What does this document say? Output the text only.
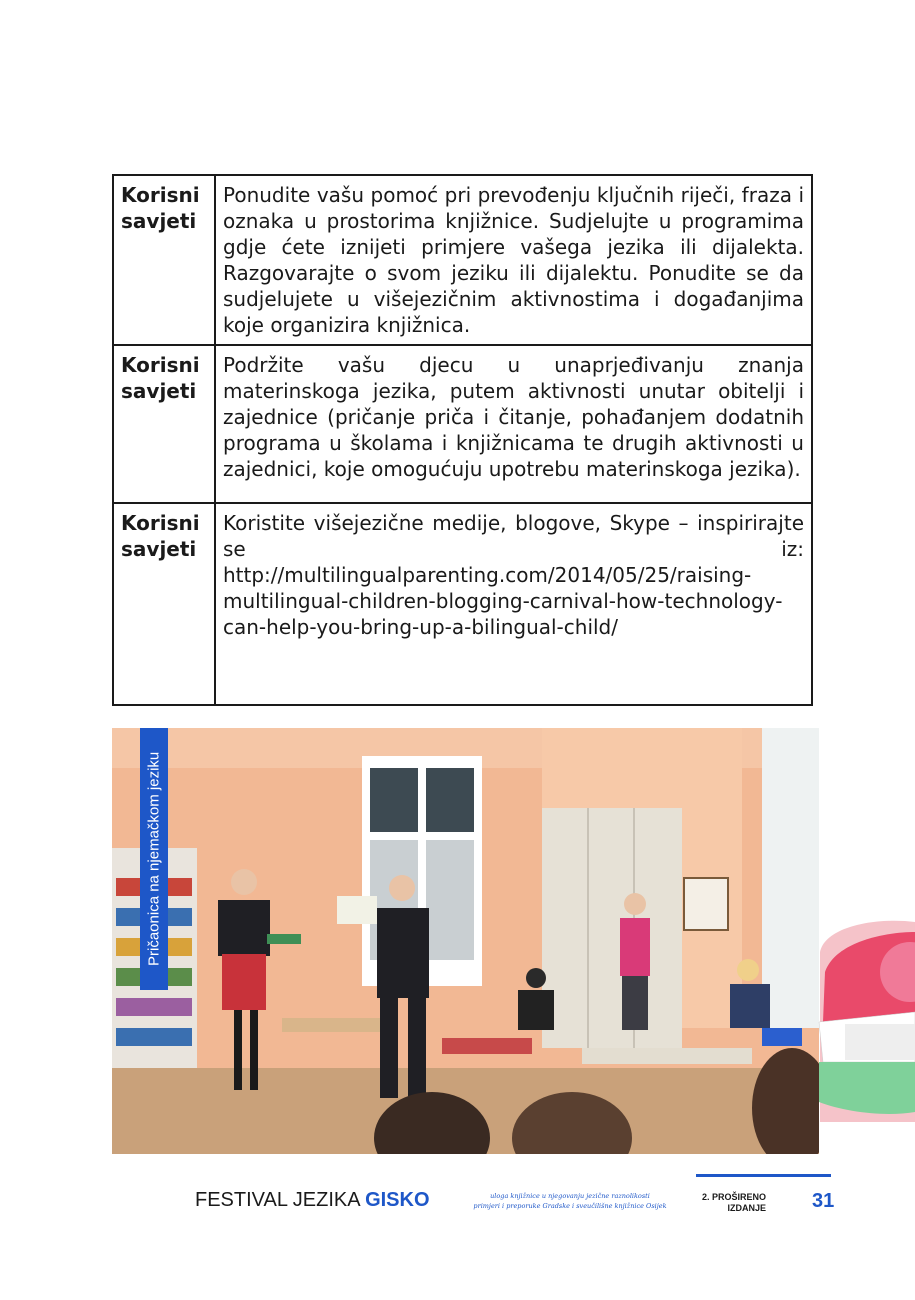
Korisni savjeti	Ponudite vašu pomoć pri prevođenju ključnih riječi, fraza i oznaka u prostorima knjižnice. Sudjelujte u programima gdje ćete iznijeti primjere vašega jezika ili dijalekta. Razgovarajte o svom jeziku ili dijalektu. Ponudite se da sudjelujete u višejezičnim aktivnostima i događanjima koje organizira knjižnica.

Korisni savjeti	Podržite vašu djecu u unaprjeđivanju znanja materinskoga jezika, putem aktivnosti unutar obitelji i zajednice (pričanje priča i čitanje, pohađanjem dodatnih programa u školama i knjižnicama te drugih aktivnosti u zajednici, koje omogućuju upotrebu materinskoga jezika).

Korisni savjeti	Koristite višejezične medije, blogove, Skype – inspirirajte se iz: http://multilingualparenting.com/2014/05/25/raising-multilingual-children-blogging-carnival-how-technology-can-help-you-bring-up-a-bilingual-child/
Pričaonica na njemačkom jeziku
FESTIVAL JEZIKA GISKO	uloga knjižnice u njegovanju jezične raznolikosti
primjeri i preporuke Gradske i sveučilišne knjižnice Osijek
2. PROŠIRENO
IZDANJE 31
